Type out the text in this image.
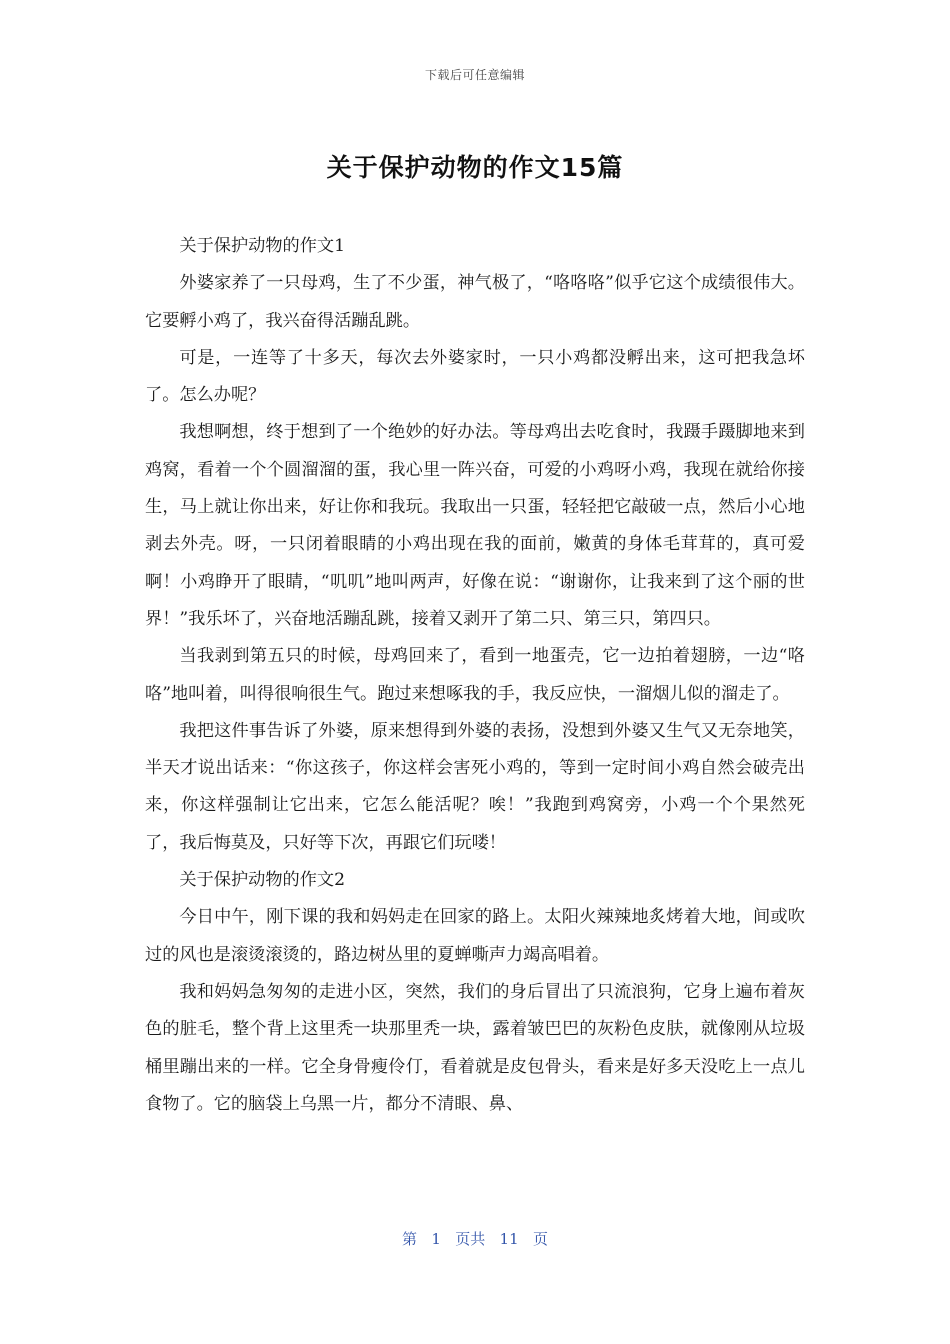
下载后可任意编辑
关于保护动物的作文15篇

关于保护动物的作文1

外婆家养了一只母鸡，生了不少蛋，神气极了，“咯咯咯”似乎它这个成绩很伟大。它要孵小鸡了，我兴奋得活蹦乱跳。

可是，一连等了十多天，每次去外婆家时，一只小鸡都没孵出来，这可把我急坏了。怎么办呢？

我想啊想，终于想到了一个绝妙的好办法。等母鸡出去吃食时，我蹑手蹑脚地来到鸡窝，看着一个个圆溜溜的蛋，我心里一阵兴奋，可爱的小鸡呀小鸡，我现在就给你接生，马上就让你出来，好让你和我玩。我取出一只蛋，轻轻把它敲破一点，然后小心地剥去外壳。呀，一只闭着眼睛的小鸡出现在我的面前，嫩黄的身体毛茸茸的，真可爱啊！小鸡睁开了眼睛，“叽叽”地叫两声，好像在说：“谢谢你，让我来到了这个丽的世界！”我乐坏了，兴奋地活蹦乱跳，接着又剥开了第二只、第三只，第四只。

当我剥到第五只的时候，母鸡回来了，看到一地蛋壳，它一边拍着翅膀，一边“咯咯”地叫着，叫得很响很生气。跑过来想啄我的手，我反应快，一溜烟儿似的溜走了。

我把这件事告诉了外婆，原来想得到外婆的表扬，没想到外婆又生气又无奈地笑，半天才说出话来：“你这孩子，你这样会害死小鸡的，等到一定时间小鸡自然会破壳出来，你这样强制让它出来，它怎么能活呢？唉！”我跑到鸡窝旁，小鸡一个个果然死了，我后悔莫及，只好等下次，再跟它们玩喽！

关于保护动物的作文2

今日中午，刚下课的我和妈妈走在回家的路上。太阳火辣辣地炙烤着大地，间或吹过的风也是滚烫滚烫的，路边树丛里的夏蝉嘶声力竭高唱着。

我和妈妈急匆匆的走进小区，突然，我们的身后冒出了只流浪狗，它身上遍布着灰色的脏毛，整个背上这里秃一块那里秃一块，露着皱巴巴的灰粉色皮肤，就像刚从垃圾桶里蹦出来的一样。它全身骨瘦伶仃，看着就是皮包骨头，看来是好多天没吃上一点儿食物了。它的脑袋上乌黑一片，都分不清眼、鼻、

第 1 页共 11 页
